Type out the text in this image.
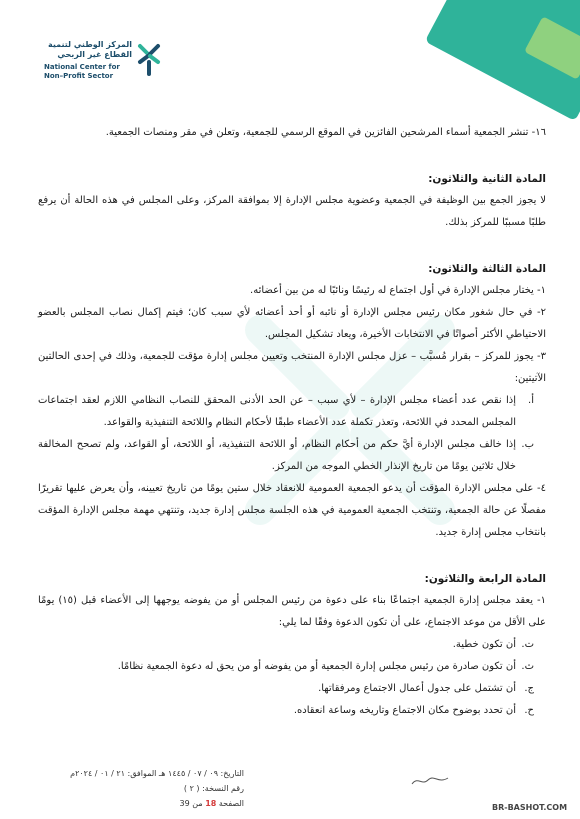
المركز الوطني لتنمية
القطاع غير الربحي
National Center for
Non–Profit Sector
١٦- تنشر الجمعية أسماء المرشحين الفائزين في الموقع الرسمي للجمعية، وتعلن في مقر ومنصات الجمعية.
المادة الثانية والثلاثون:
لا يجوز الجمع بين الوظيفة في الجمعية وعضوية مجلس الإدارة إلا بموافقة المركز، وعلى المجلس في هذه الحالة أن يرفع طلبًا مسببًا للمركز بذلك.
المادة الثالثة والثلاثون:
١- يختار مجلس الإدارة في أول اجتماع له رئيسًا ونائبًا له من بين أعضائه.
٢- في حال شغور مكان رئيس مجلس الإدارة أو نائبه أو أحد أعضائه لأي سبب كان؛ فيتم إكمال نصاب المجلس بالعضو الاحتياطي الأكثر أصواتًا في الانتخابات الأخيرة، ويعاد تشكيل المجلس.
٣- يجوز للمركز – بقرار مُسبَّب – عزل مجلس الإدارة المنتخب وتعيين مجلس إدارة مؤقت للجمعية، وذلك في إحدى الحالتين الآتيتين:
أ.
إذا نقص عدد أعضاء مجلس الإدارة – لأي سبب – عن الحد الأدنى المحقق للنصاب النظامي اللازم لعقد اجتماعات المجلس المحدد في اللائحة، وتعذر تكملة عدد الأعضاء طبقًا لأحكام النظام واللائحة التنفيذية والقواعد.
ب.
إذا خالف مجلس الإدارة أيَّ حكم من أحكام النظام، أو اللائحة التنفيذية، أو اللائحة، أو القواعد، ولم تصحح المخالفة خلال ثلاثين يومًا من تاريخ الإنذار الخطي الموجه من المركز.
٤- على مجلس الإدارة المؤقت أن يدعو الجمعية العمومية للانعقاد خلال ستين يومًا من تاريخ تعيينه، وأن يعرض عليها تقريرًا مفصلًا عن حالة الجمعية، وتنتخب الجمعية العمومية في هذه الجلسة مجلس إدارة جديد، وتنتهي مهمة مجلس الإدارة المؤقت بانتخاب مجلس إدارة جديد.
المادة الرابعة والثلاثون:
١- يعقد مجلس إدارة الجمعية اجتماعًا بناء على دعوة من رئيس المجلس أو من يفوضه يوجهها إلى الأعضاء قبل (١٥) يومًا على الأقل من موعد الاجتماع، على أن تكون الدعوة وفقًا لما يلي:
ت.
أن تكون خطية.
ث.
أن تكون صادرة من رئيس مجلس إدارة الجمعية أو من يفوضه أو من يحق له دعوة الجمعية نظامًا.
ج.
أن تشتمل على جدول أعمال الاجتماع ومرفقاتها.
ح.
أن تحدد بوضوح مكان الاجتماع وتاريخه وساعة انعقاده.
التاريخ: ٠٩ / ٠٧ / ١٤٤٥ هـ الموافق: ٢١ / ٠١ / ٢٠٢٤م
رقم النسخة: ( ٢ )
الصفحة 18 من 39	BR-BASHOT.COM
